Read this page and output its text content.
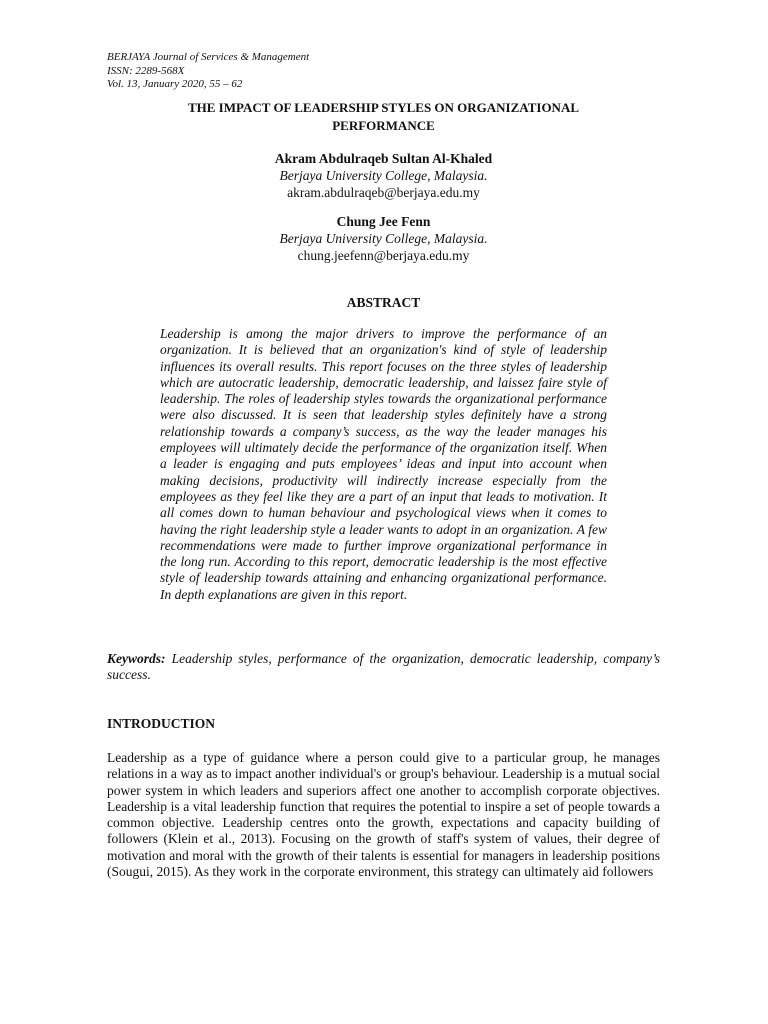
BERJAYA Journal of Services & Management
ISSN: 2289-568X
Vol. 13, January 2020, 55 – 62
THE IMPACT OF LEADERSHIP STYLES ON ORGANIZATIONAL
PERFORMANCE
Akram Abdulraqeb Sultan Al-Khaled
Berjaya University College, Malaysia.
akram.abdulraqeb@berjaya.edu.my
Chung Jee Fenn
Berjaya University College, Malaysia.
chung.jeefenn@berjaya.edu.my
ABSTRACT
Leadership is among the major drivers to improve the performance of an organization. It is believed that an organization's kind of style of leadership influences its overall results. This report focuses on the three styles of leadership which are autocratic leadership, democratic leadership, and laissez faire style of leadership. The roles of leadership styles towards the organizational performance were also discussed. It is seen that leadership styles definitely have a strong relationship towards a company’s success, as the way the leader manages his employees will ultimately decide the performance of the organization itself. When a leader is engaging and puts employees’ ideas and input into account when making decisions, productivity will indirectly increase especially from the employees as they feel like they are a part of an input that leads to motivation. It all comes down to human behaviour and psychological views when it comes to having the right leadership style a leader wants to adopt in an organization. A few recommendations were made to further improve organizational performance in the long run. According to this report, democratic leadership is the most effective style of leadership towards attaining and enhancing organizational performance. In depth explanations are given in this report.
Keywords: Leadership styles, performance of the organization, democratic leadership, company’s success.
INTRODUCTION
Leadership as a type of guidance where a person could give to a particular group, he manages relations in a way as to impact another individual's or group's behaviour. Leadership is a mutual social power system in which leaders and superiors affect one another to accomplish corporate objectives. Leadership is a vital leadership function that requires the potential to inspire a set of people towards a common objective. Leadership centres onto the growth, expectations and capacity building of followers (Klein et al., 2013). Focusing on the growth of staff's system of values, their degree of motivation and moral with the growth of their talents is essential for managers in leadership positions (Sougui, 2015). As they work in the corporate environment, this strategy can ultimately aid followers
